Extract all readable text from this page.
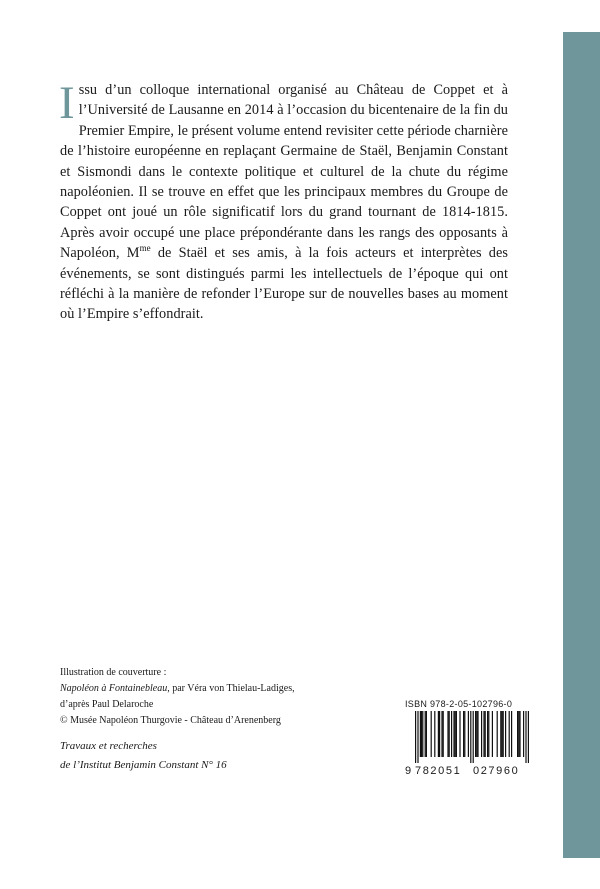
Issu d’un colloque international organisé au Château de Coppet et à l’Université de Lausanne en 2014 à l’occasion du bicentenaire de la fin du Premier Empire, le présent volume entend revisiter cette période charnière de l’histoire européenne en replaçant Germaine de Staël, Benjamin Constant et Sismondi dans le contexte politique et culturel de la chute du régime napoléonien. Il se trouve en effet que les principaux membres du Groupe de Coppet ont joué un rôle significatif lors du grand tournant de 1814-1815. Après avoir occupé une place prépondérante dans les rangs des opposants à Napoléon, $M^{me}$ de Staël et ses amis, à la fois acteurs et interprètes des événements, se sont distingués parmi les intellectuels de l’époque qui ont réfléchi à la manière de refonder l’Europe sur de nouvelles bases au moment où l’Empire s’effondrait.

Illustration de couverture :
Napoléon à Fontainebleau, par Véra von Thielau-Ladiges,
d’après Paul Delaroche
© Musée Napoléon Thurgovie - Château d’Arenenberg
Travaux et recherches
de l’Institut Benjamin Constant N° 16
ISBN 978-2-05-102796-0
9 782051	027960
